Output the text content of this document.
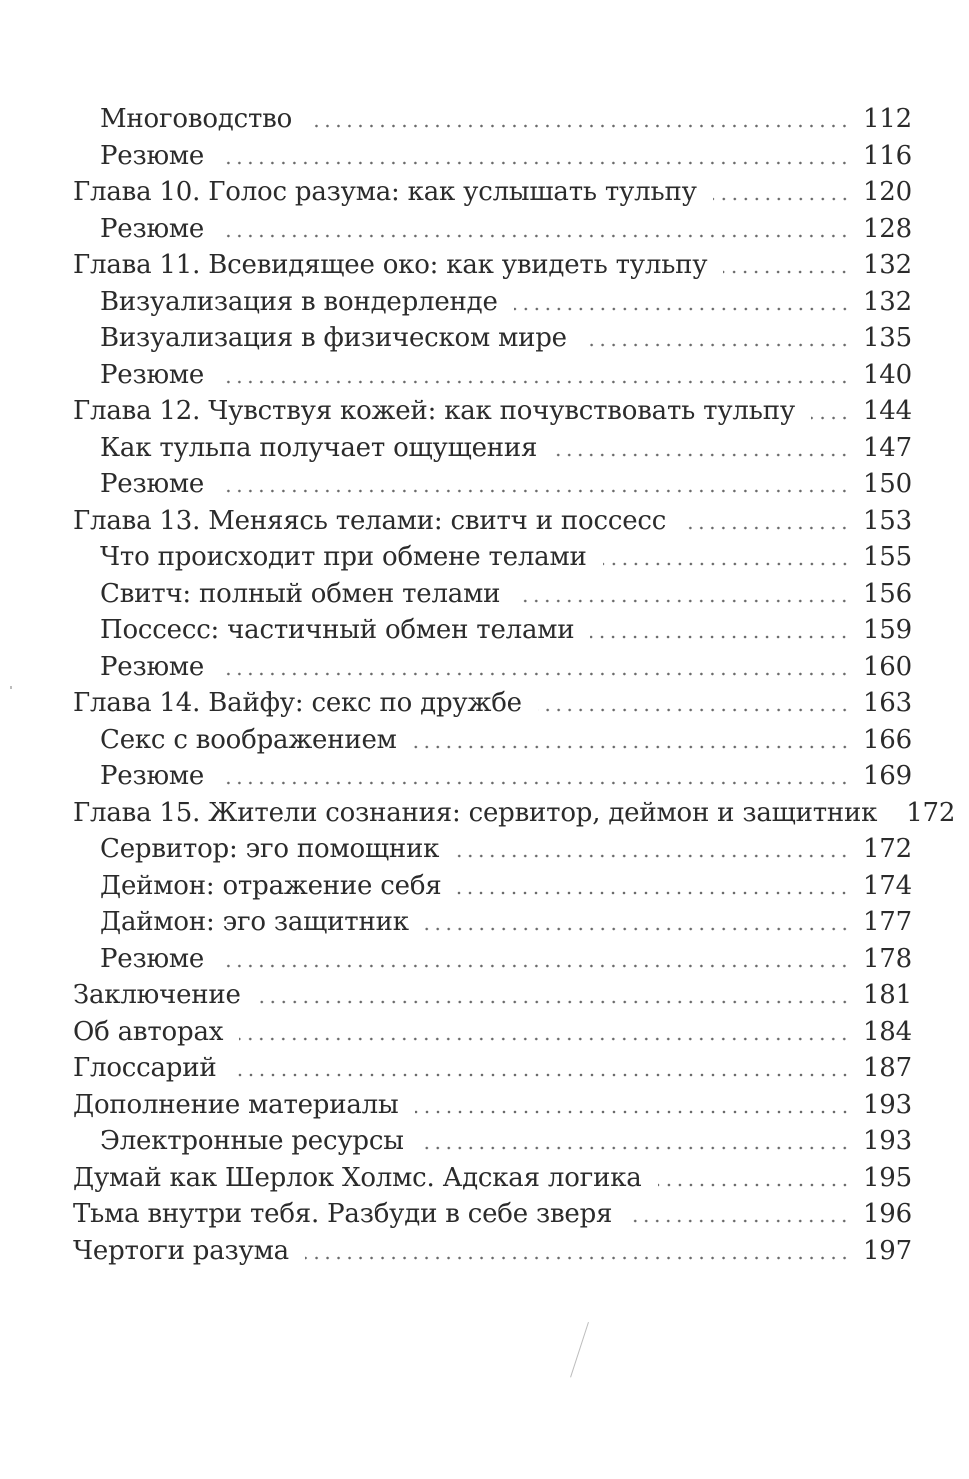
Многоводство	112
Резюме	116
Глава 10. Голос разума: как услышать тульпу	120
Резюме	128
Глава 11. Всевидящее око: как увидеть тульпу	132
Визуализация в вондерленде	132
Визуализация в физическом мире	135
Резюме	140
Глава 12. Чувствуя кожей: как почувствовать тульпу	144
Как тульпа получает ощущения	147
Резюме	150
Глава 13. Меняясь телами: свитч и поссесс	153
Что происходит при обмене телами	155
Свитч: полный обмен телами	156
Поссесс: частичный обмен телами	159
Резюме	160
Глава 14. Вайфу: секс по дружбе	163
Секс с воображением	166
Резюме	169
Глава 15. Жители сознания: сервитор, деймон и защитник 172
Сервитор: эго помощник	172
Деймон: отражение себя	174
Даймон: эго защитник	177
Резюме	178
Заключение	181
Об авторах	184
Глоссарий	187
Дополнение материалы	193
Электронные ресурсы	193
Думай как Шерлок Холмс. Адская логика	195
Тьма внутри тебя. Разбуди в себе зверя	196
Чертоги разума	197
